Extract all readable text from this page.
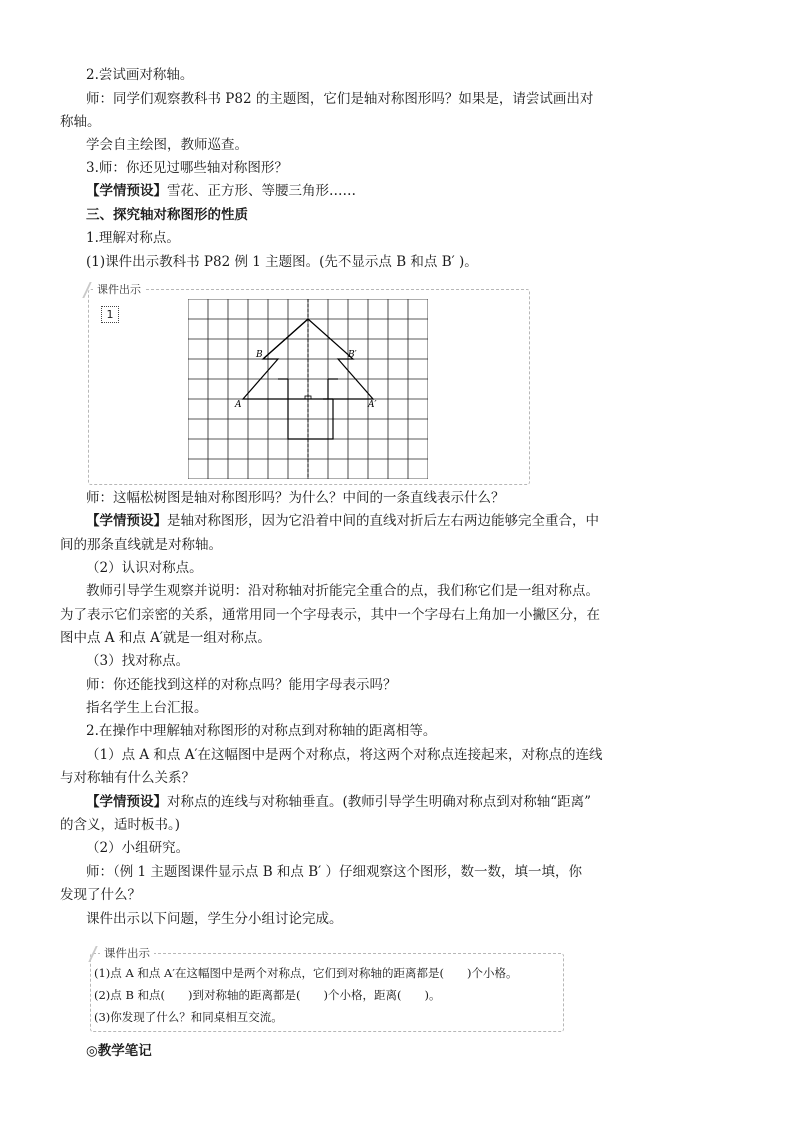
2.尝试画对称轴。
师：同学们观察教科书 P82 的主题图，它们是轴对称图形吗？如果是，请尝试画出对
称轴。
学会自主绘图，教师巡查。
3.师：你还见过哪些轴对称图形？
【学情预设】雪花、正方形、等腰三角形……
三、探究轴对称图形的性质
1.理解对称点。
(1)课件出示教科书 P82 例 1 主题图。(先不显示点 B 和点 B′ )。
课件出示
1
A	A′
B	B′
师：这幅松树图是轴对称图形吗？为什么？中间的一条直线表示什么？
【学情预设】是轴对称图形，因为它沿着中间的直线对折后左右两边能够完全重合，中
间的那条直线就是对称轴。
（2）认识对称点。
教师引导学生观察并说明：沿对称轴对折能完全重合的点，我们称它们是一组对称点。
为了表示它们亲密的关系，通常用同一个字母表示，其中一个字母右上角加一小撇区分，在
图中点 A 和点 A′就是一组对称点。
（3）找对称点。
师：你还能找到这样的对称点吗？能用字母表示吗？
指名学生上台汇报。
2.在操作中理解轴对称图形的对称点到对称轴的距离相等。
（1）点 A 和点 A′在这幅图中是两个对称点，将这两个对称点连接起来，对称点的连线
与对称轴有什么关系？
【学情预设】对称点的连线与对称轴垂直。(教师引导学生明确对称点到对称轴“距离”
的含义，适时板书。)
（2）小组研究。
师：（例 1 主题图课件显示点 B 和点 B′ ）仔细观察这个图形，数一数，填一填，你
发现了什么？
课件出示以下问题，学生分小组讨论完成。
课件出示
(1)点 A 和点 A′在这幅图中是两个对称点，它们到对称轴的距离都是(　　)个小格。
(2)点 B 和点(　　)到对称轴的距离都是(　　)个小格，距离(　　)。
(3)你发现了什么？和同桌相互交流。
◎教学笔记
